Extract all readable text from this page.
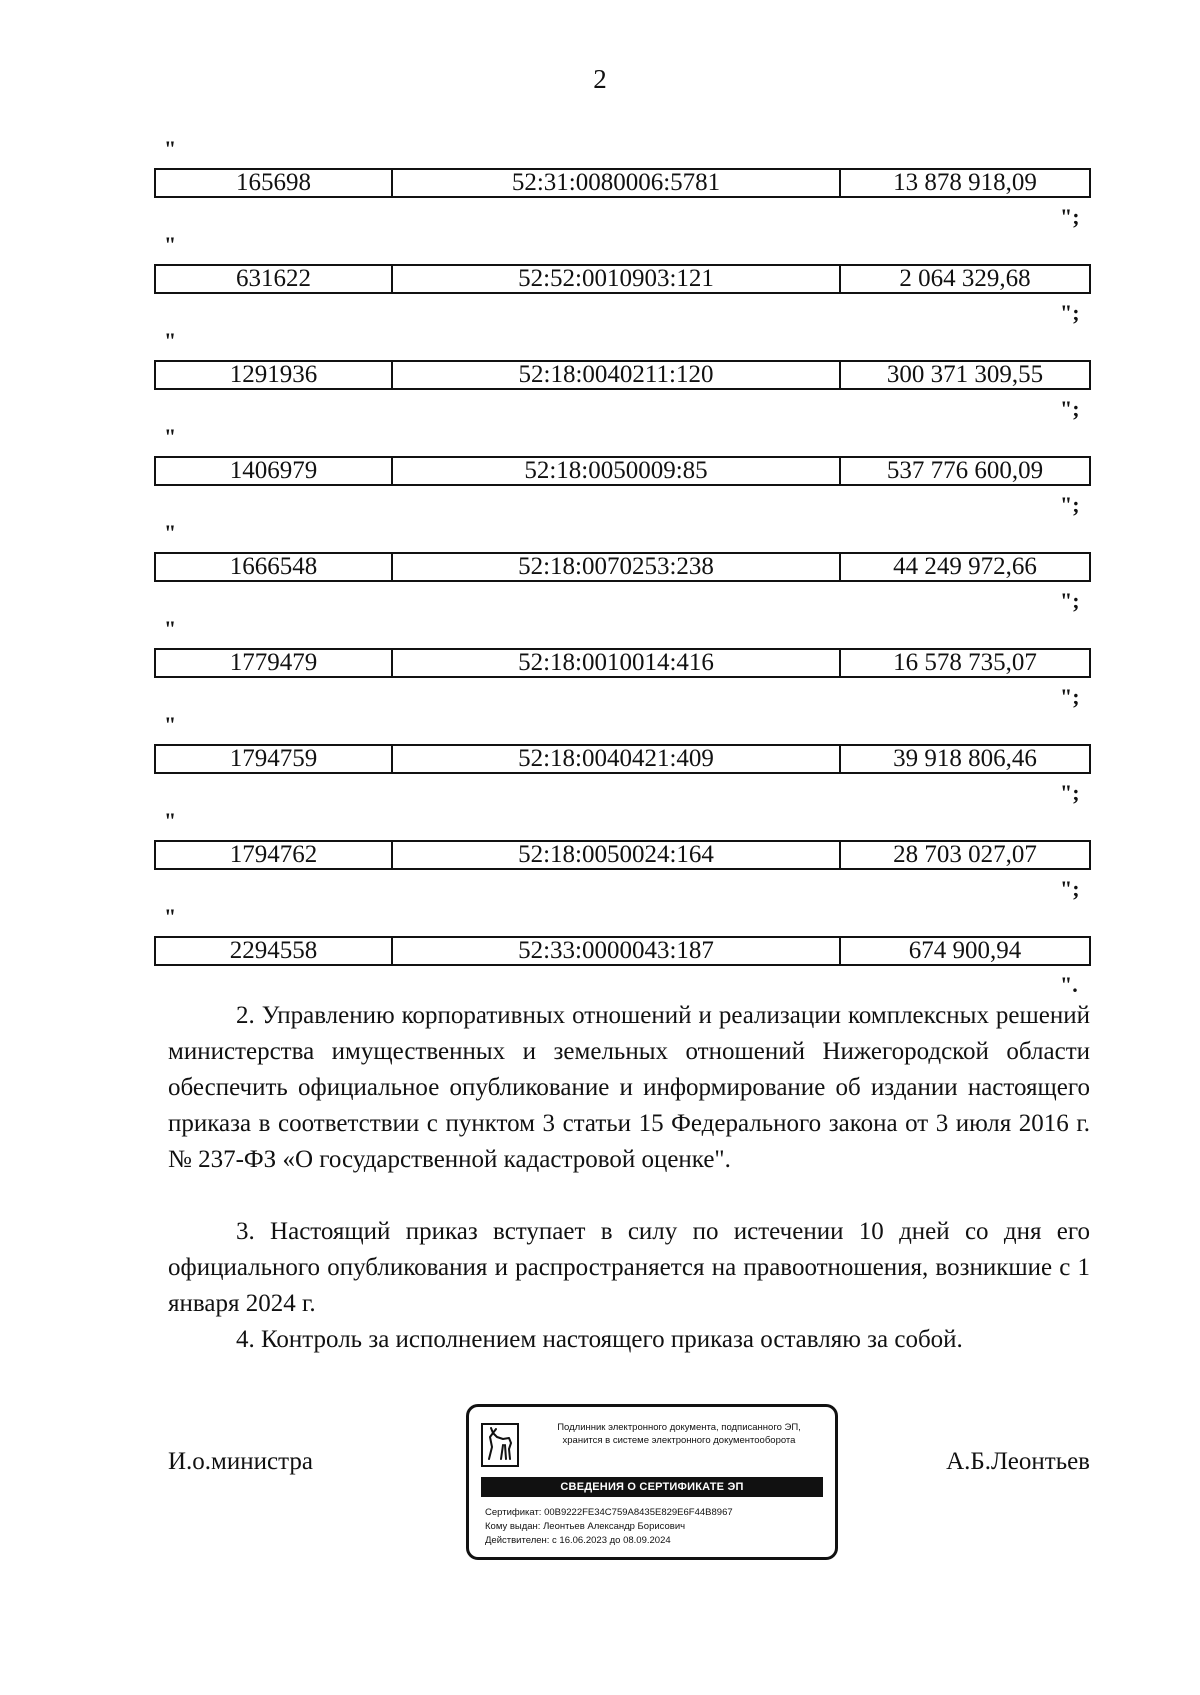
2
"
165698	52:31:0080006:5781	13 878 918,09
";
"
631622	52:52:0010903:121	2 064 329,68
";
"
1291936	52:18:0040211:120	300 371 309,55
";
"
1406979	52:18:0050009:85	537 776 600,09
";
"
1666548	52:18:0070253:238	44 249 972,66
";
"
1779479	52:18:0010014:416	16 578 735,07
";
"
1794759	52:18:0040421:409	39 918 806,46
";
"
1794762	52:18:0050024:164	28 703 027,07
";
"
2294558	52:33:0000043:187	674 900,94
".
2. Управлению корпоративных отношений и реализации комплексных решений министерства имущественных и земельных отношений Нижегородской области обеспечить официальное опубликование и информирование об издании настоящего приказа в соответствии с пунктом 3 статьи 15 Федерального закона от 3 июля 2016 г. № 237-ФЗ «О государственной кадастровой оценке".
3. Настоящий приказ вступает в силу по истечении 10 дней со дня его официального опубликования и распространяется на правоотношения, возникшие с 1 января 2024 г.
4. Контроль за исполнением настоящего приказа оставляю за собой.
И.о.министра
Подлинник электронного документа, подписанного ЭП,
хранится в системе электронного документооборота
СВЕДЕНИЯ О СЕРТИФИКАТЕ ЭП
Сертификат: 00B9222FE34C759A8435E829E6F44B8967
Кому выдан: Леонтьев Александр Борисович
Действителен: с 16.06.2023 до 08.09.2024
А.Б.Леонтьев
